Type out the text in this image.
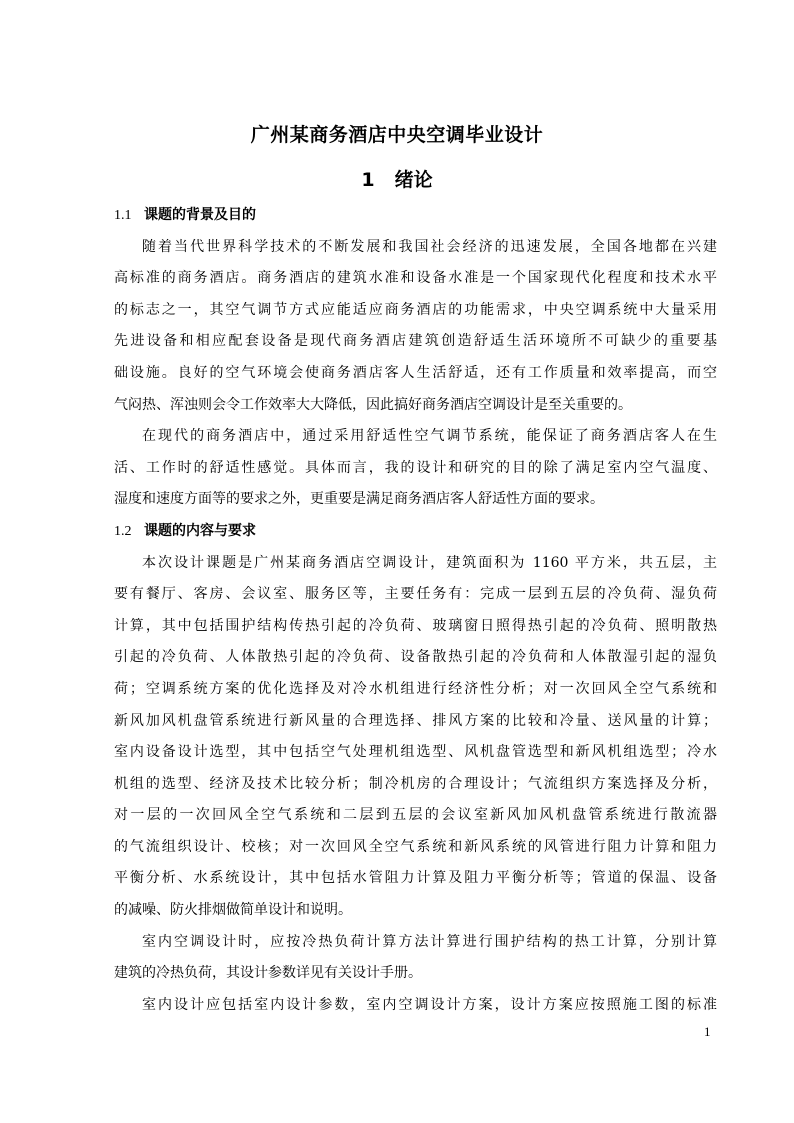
广州某商务酒店中央空调毕业设计
1 绪论
1.1 课题的背景及目的
随着当代世界科学技术的不断发展和我国社会经济的迅速发展，全国各地都在兴建
高标准的商务酒店。商务酒店的建筑水准和设备水准是一个国家现代化程度和技术水平
的标志之一，其空气调节方式应能适应商务酒店的功能需求，中央空调系统中大量采用
先进设备和相应配套设备是现代商务酒店建筑创造舒适生活环境所不可缺少的重要基
础设施。良好的空气环境会使商务酒店客人生活舒适，还有工作质量和效率提高，而空
气闷热、浑浊则会令工作效率大大降低，因此搞好商务酒店空调设计是至关重要的。
在现代的商务酒店中，通过采用舒适性空气调节系统，能保证了商务酒店客人在生
活、工作时的舒适性感觉。具体而言，我的设计和研究的目的除了满足室内空气温度、
湿度和速度方面等的要求之外，更重要是满足商务酒店客人舒适性方面的要求。
1.2 课题的内容与要求
本次设计课题是广州某商务酒店空调设计，建筑面积为 1160 平方米，共五层，主
要有餐厅、客房、会议室、服务区等，主要任务有：完成一层到五层的冷负荷、湿负荷
计算，其中包括围护结构传热引起的冷负荷、玻璃窗日照得热引起的冷负荷、照明散热
引起的冷负荷、人体散热引起的冷负荷、设备散热引起的冷负荷和人体散湿引起的湿负
荷；空调系统方案的优化选择及对冷水机组进行经济性分析；对一次回风全空气系统和
新风加风机盘管系统进行新风量的合理选择、排风方案的比较和冷量、送风量的计算；
室内设备设计选型，其中包括空气处理机组选型、风机盘管选型和新风机组选型；冷水
机组的选型、经济及技术比较分析；制冷机房的合理设计；气流组织方案选择及分析，
对一层的一次回风全空气系统和二层到五层的会议室新风加风机盘管系统进行散流器
的气流组织设计、校核；对一次回风全空气系统和新风系统的风管进行阻力计算和阻力
平衡分析、水系统设计，其中包括水管阻力计算及阻力平衡分析等；管道的保温、设备
的减噪、防火排烟做简单设计和说明。
室内空调设计时，应按冷热负荷计算方法计算进行围护结构的热工计算，分别计算
建筑的冷热负荷，其设计参数详见有关设计手册。
室内设计应包括室内设计参数，室内空调设计方案，设计方案应按照施工图的标准
1
